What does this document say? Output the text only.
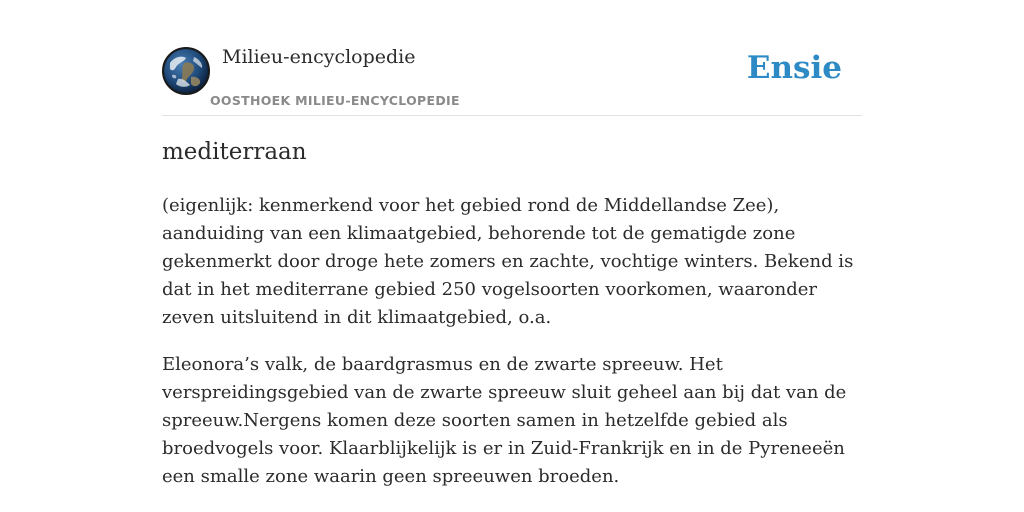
Milieu-encyclopedie
OOSTHOEK MILIEU-ENCYCLOPEDIE
Ensie
mediterraan

(eigenlijk: kenmerkend voor het gebied rond de Middellandse Zee), aanduiding van een klimaatgebied, behorende tot de gematigde zone gekenmerkt door droge hete zomers en zachte, vochtige winters. Bekend is dat in het mediterrane gebied 250 vogelsoorten voorkomen, waaronder zeven uitsluitend in dit klimaatgebied, o.a.

Eleonora’s valk, de baardgrasmus en de zwarte spreeuw. Het verspreidingsgebied van de zwarte spreeuw sluit geheel aan bij dat van de spreeuw.Nergens komen deze soorten samen in hetzelfde gebied als broedvogels voor. Klaarblijkelijk is er in Zuid-Frankrijk en in de Pyreneeën een smalle zone waarin geen spreeuwen broeden.
